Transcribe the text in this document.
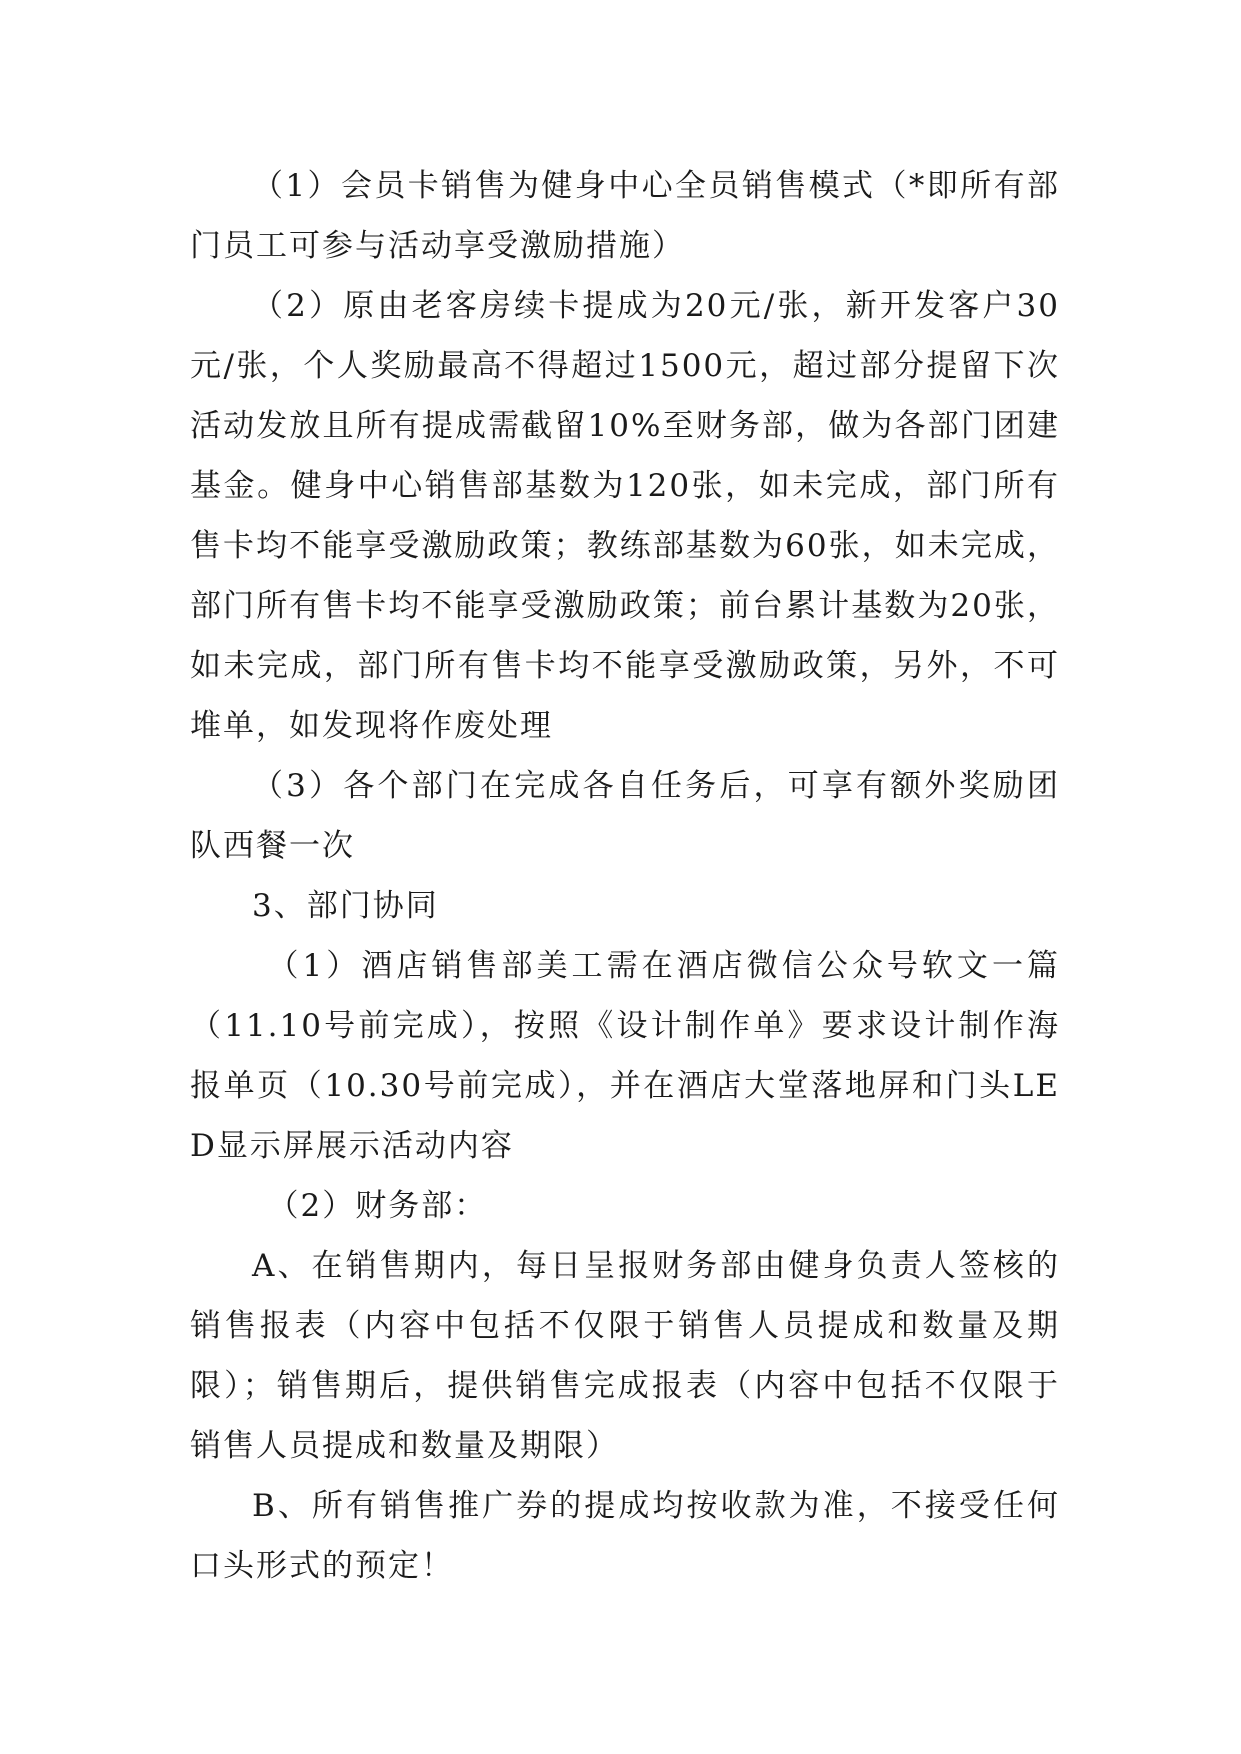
（1）会员卡销售为健身中心全员销售模式（*即所有部门员工可参与活动享受激励措施）

（2）原由老客房续卡提成为20元/张，新开发客户30元/张，个人奖励最高不得超过1500元，超过部分提留下次活动发放且所有提成需截留10%至财务部，做为各部门团建基金。健身中心销售部基数为120张，如未完成，部门所有售卡均不能享受激励政策；教练部基数为60张，如未完成，部门所有售卡均不能享受激励政策；前台累计基数为20张，如未完成，部门所有售卡均不能享受激励政策，另外，不可堆单，如发现将作废处理

（3）各个部门在完成各自任务后，可享有额外奖励团队西餐一次

3、部门协同

（1）酒店销售部美工需在酒店微信公众号软文一篇（11.10号前完成），按照《设计制作单》要求设计制作海报单页（10.30号前完成），并在酒店大堂落地屏和门头LED显示屏展示活动内容

（2）财务部：

A、在销售期内，每日呈报财务部由健身负责人签核的销售报表（内容中包括不仅限于销售人员提成和数量及期限）；销售期后，提供销售完成报表（内容中包括不仅限于销售人员提成和数量及期限）

B、所有销售推广券的提成均按收款为准，不接受任何口头形式的预定！
